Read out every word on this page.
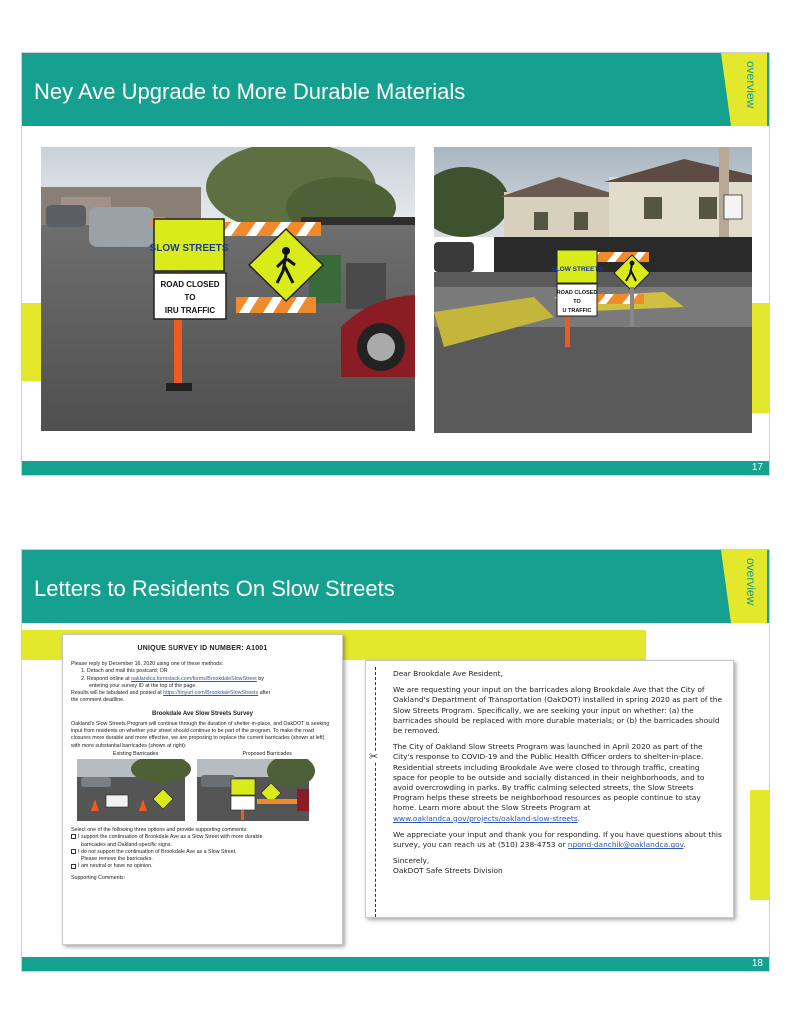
Ney Ave Upgrade to More Durable Materials	overview
SLOW STREETS
ROAD CLOSED
TO
IRU TRAFFIC
SLOW STREETS
ROAD CLOSED
TO
U TRAFFIC
17
Letters to Residents On Slow Streets	overview
UNIQUE SURVEY ID NUMBER: A1001
Please reply by December 16, 2020 using one of these methods:
1. Detach and mail this postcard; OR
2. Respond online at oaklandca.formstack.com/forms/BrookdaleSlowStreet by
entering your survey ID at the top of the page.
Results will be tabulated and posted at https://tinyurl.com/BrookdaleSlowStreets after
the comment deadline.
Brookdale Ave Slow Streets Survey
Oakland's Slow Streets Program will continue through the duration of shelter-in-place, and OakDOT is seeking input from residents on whether your street should continue to be part of the program. To make the road closures more durable and more effective, we are proposing to replace the current barricades (shown at left) with more substantial barricades (shown at right):
Existing Barricades	Proposed Barricades
Select one of the following three options and provide supporting comments:
I support the continuation of Brookdale Ave as a Slow Street with more durable
barricades and Oakland-specific signs.
I do not support the continuation of Brookdale Ave as a Slow Street.
Please remove the barricades.
I am neutral or have no opinion.
Supporting Comments:
✂

Dear Brookdale Ave Resident,

We are requesting your input on the barricades along Brookdale Ave that the City of Oakland's Department of Transportation (OakDOT) installed in spring 2020 as part of the Slow Streets Program. Specifically, we are seeking your input on whether: (a) the barricades should be replaced with more durable materials; or (b) the barricades should be removed.

The City of Oakland Slow Streets Program was launched in April 2020 as part of the City's response to COVID-19 and the Public Health Officer orders to shelter-in-place. Residential streets including Brookdale Ave were closed to through traffic, creating space for people to be outside and socially distanced in their neighborhoods, and to avoid overcrowding in parks. By traffic calming selected streets, the Slow Streets Program helps these streets be neighborhood resources as people continue to stay home. Learn more about the Slow Streets Program at www.oaklandca.gov/projects/oakland-slow-streets.

We appreciate your input and thank you for responding. If you have questions about this survey, you can reach us at (510) 238-4753 or npond-danchik@oaklandca.gov.

Sincerely,
OakDOT Safe Streets Division
18
